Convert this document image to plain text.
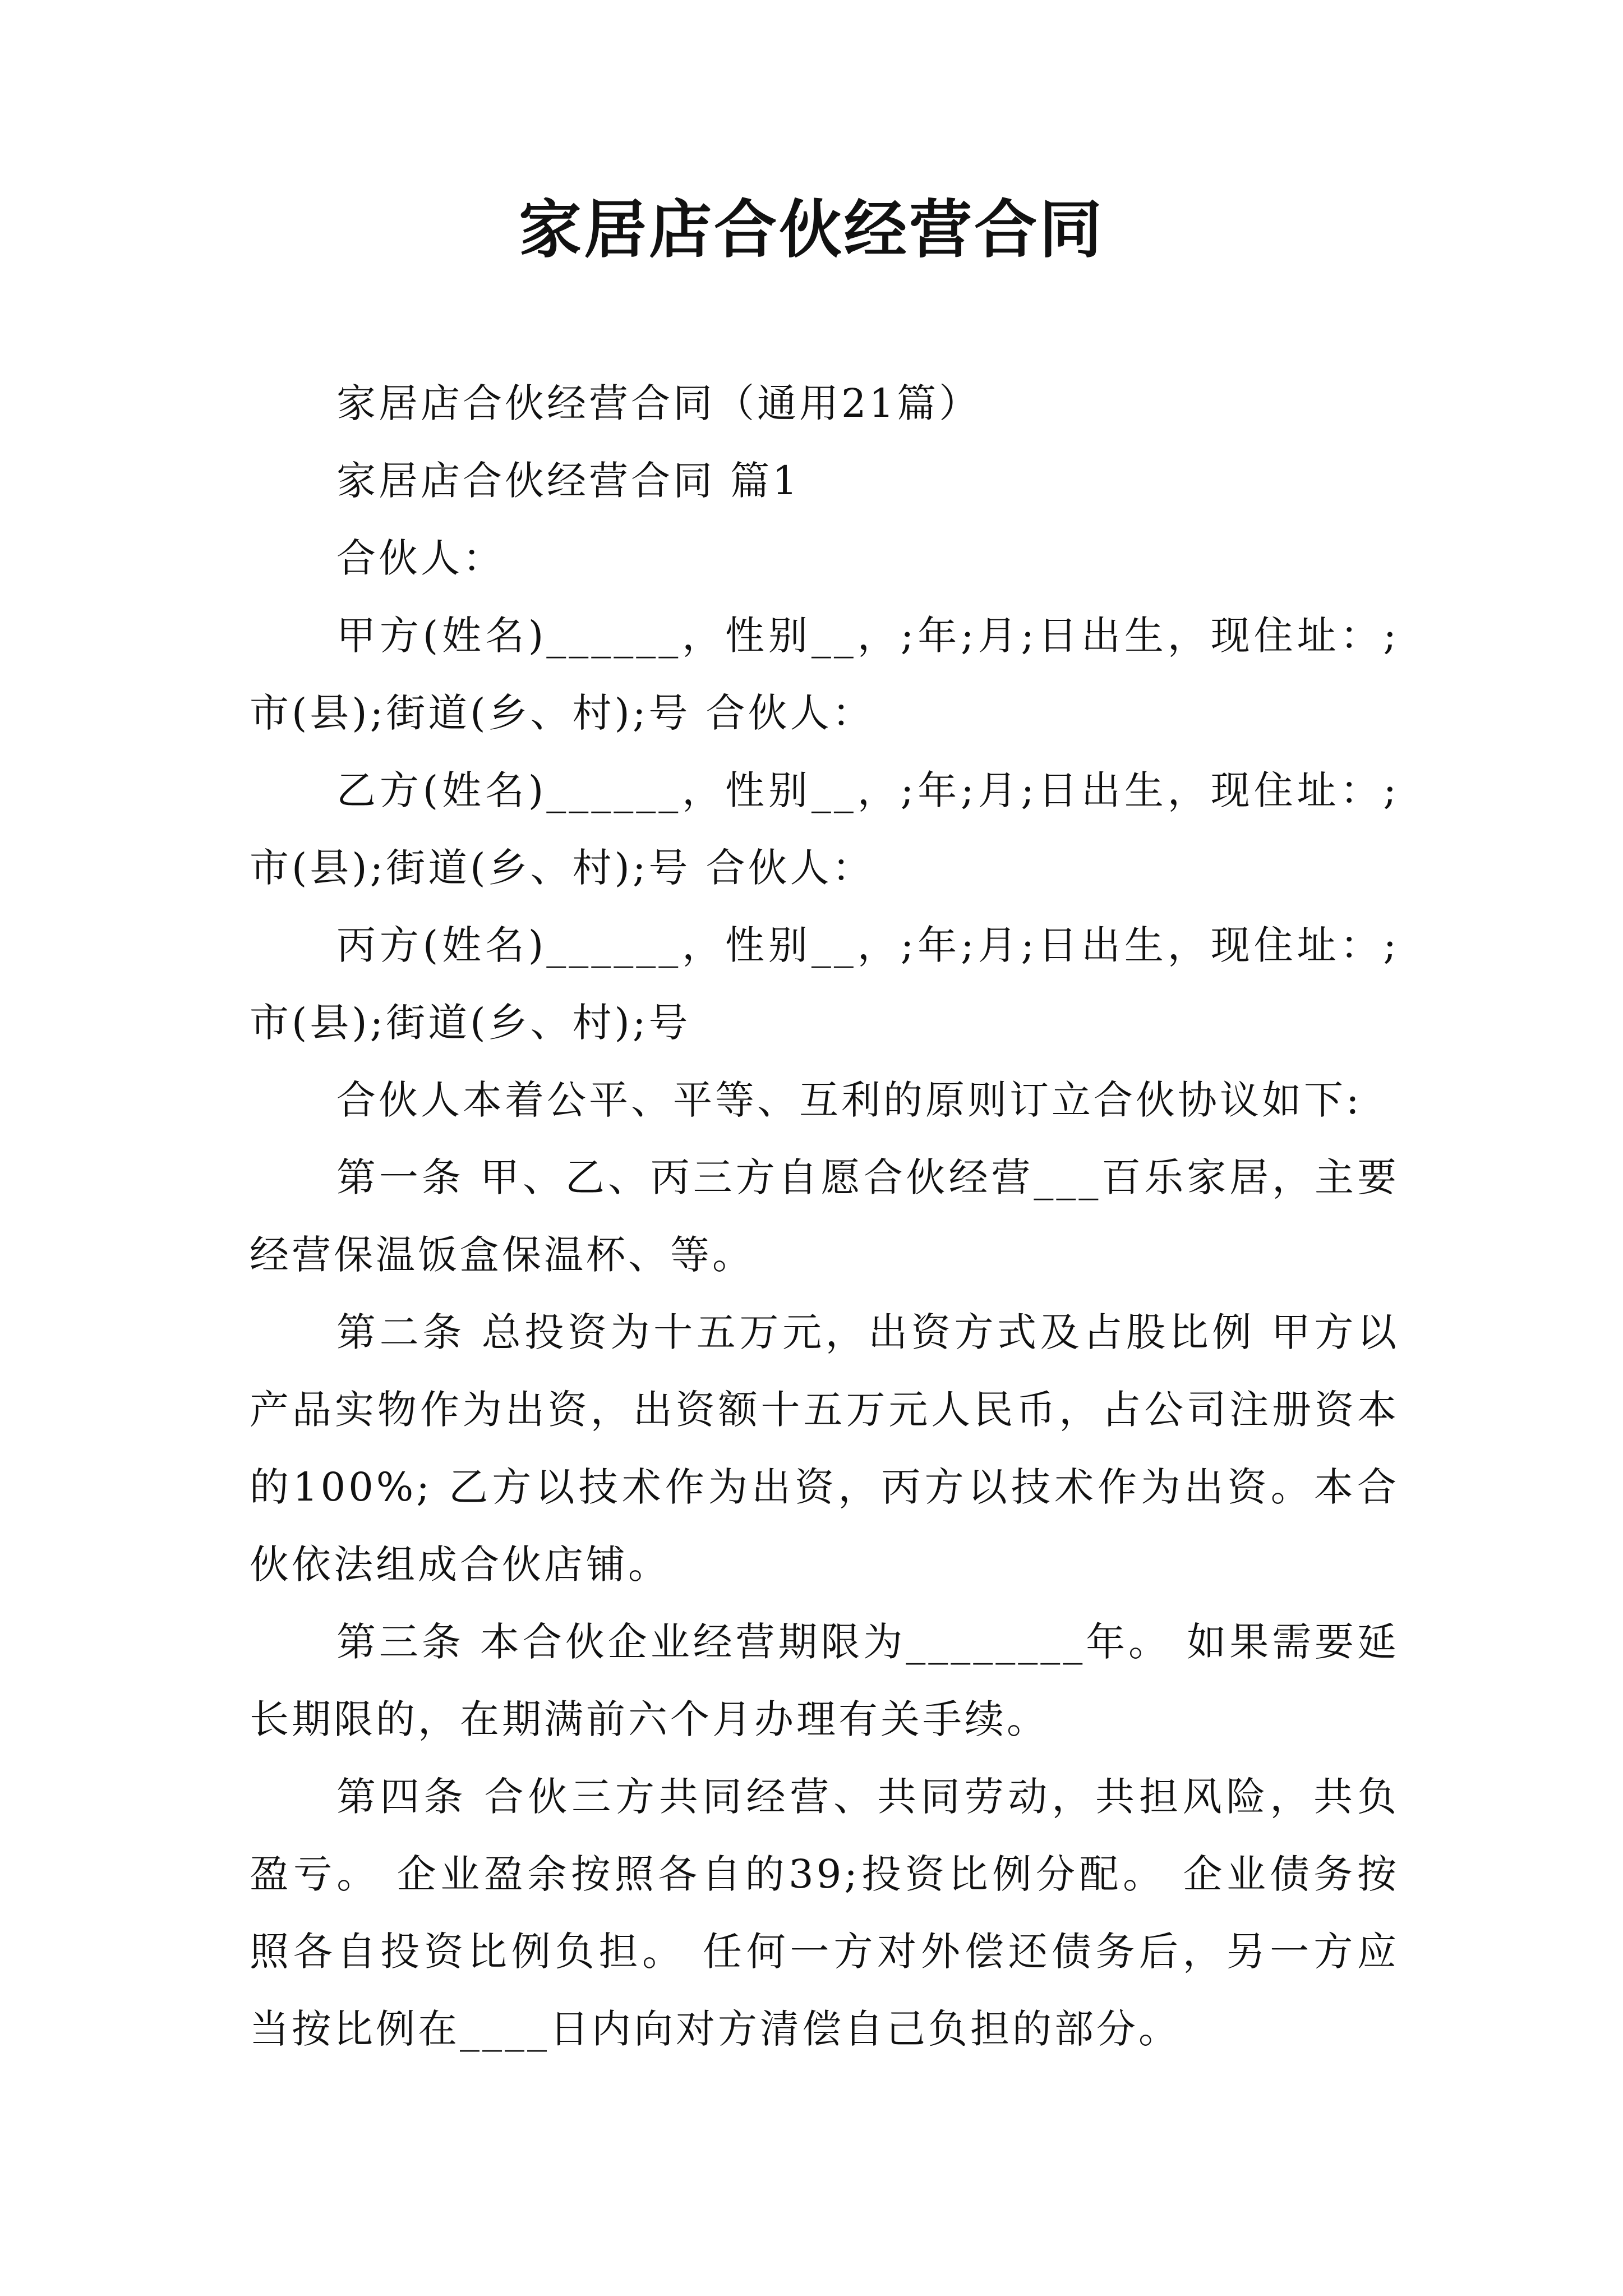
家居店合伙经营合同

家居店合伙经营合同（通用21篇）

家居店合伙经营合同 篇1

合伙人：

甲方(姓名)______，性别__，;年;月;日出生，现住址：;市(县);街道(乡、村);号 合伙人：

乙方(姓名)______，性别__，;年;月;日出生，现住址：;市(县);街道(乡、村);号 合伙人：

丙方(姓名)______，性别__，;年;月;日出生，现住址：;市(县);街道(乡、村);号

合伙人本着公平、平等、互利的原则订立合伙协议如下:

第一条 甲、乙、丙三方自愿合伙经营___百乐家居，主要经营保温饭盒保温杯、等。

第二条 总投资为十五万元，出资方式及占股比例 甲方以产品实物作为出资，出资额十五万元人民币，占公司注册资本的100%; 乙方以技术作为出资，丙方以技术作为出资。本合伙依法组成合伙店铺。

第三条 本合伙企业经营期限为________年。 如果需要延长期限的，在期满前六个月办理有关手续。

第四条 合伙三方共同经营、共同劳动，共担风险，共负盈亏。 企业盈余按照各自的39;投资比例分配。 企业债务按照各自投资比例负担。 任何一方对外偿还债务后，另一方应当按比例在____日内向对方清偿自己负担的部分。
